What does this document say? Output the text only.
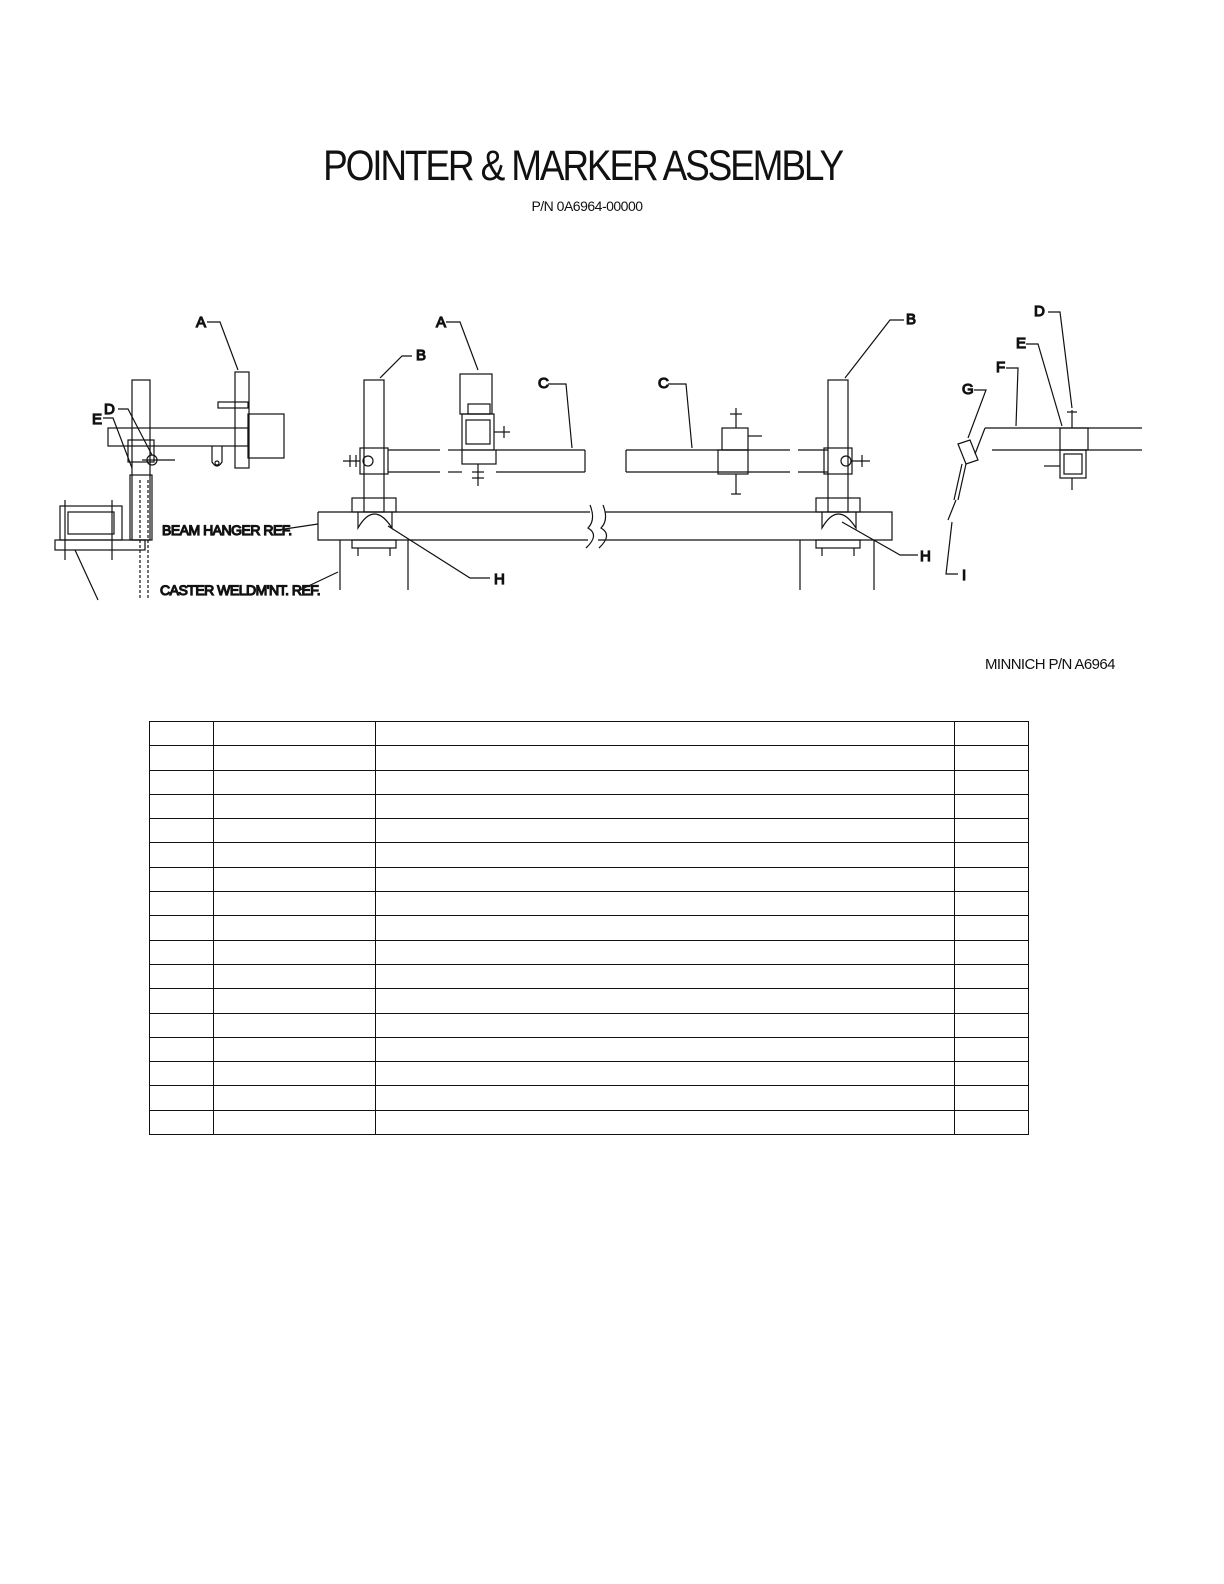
POINTER & MARKER ASSEMBLY
P/N 0A6964-00000
A
D
E
A
B
C	C
B
H
H
BEAM HANGER REF.
CASTER WELDM'NT. REF.
D
E
F
G
I
MINNICH P/N A6964
